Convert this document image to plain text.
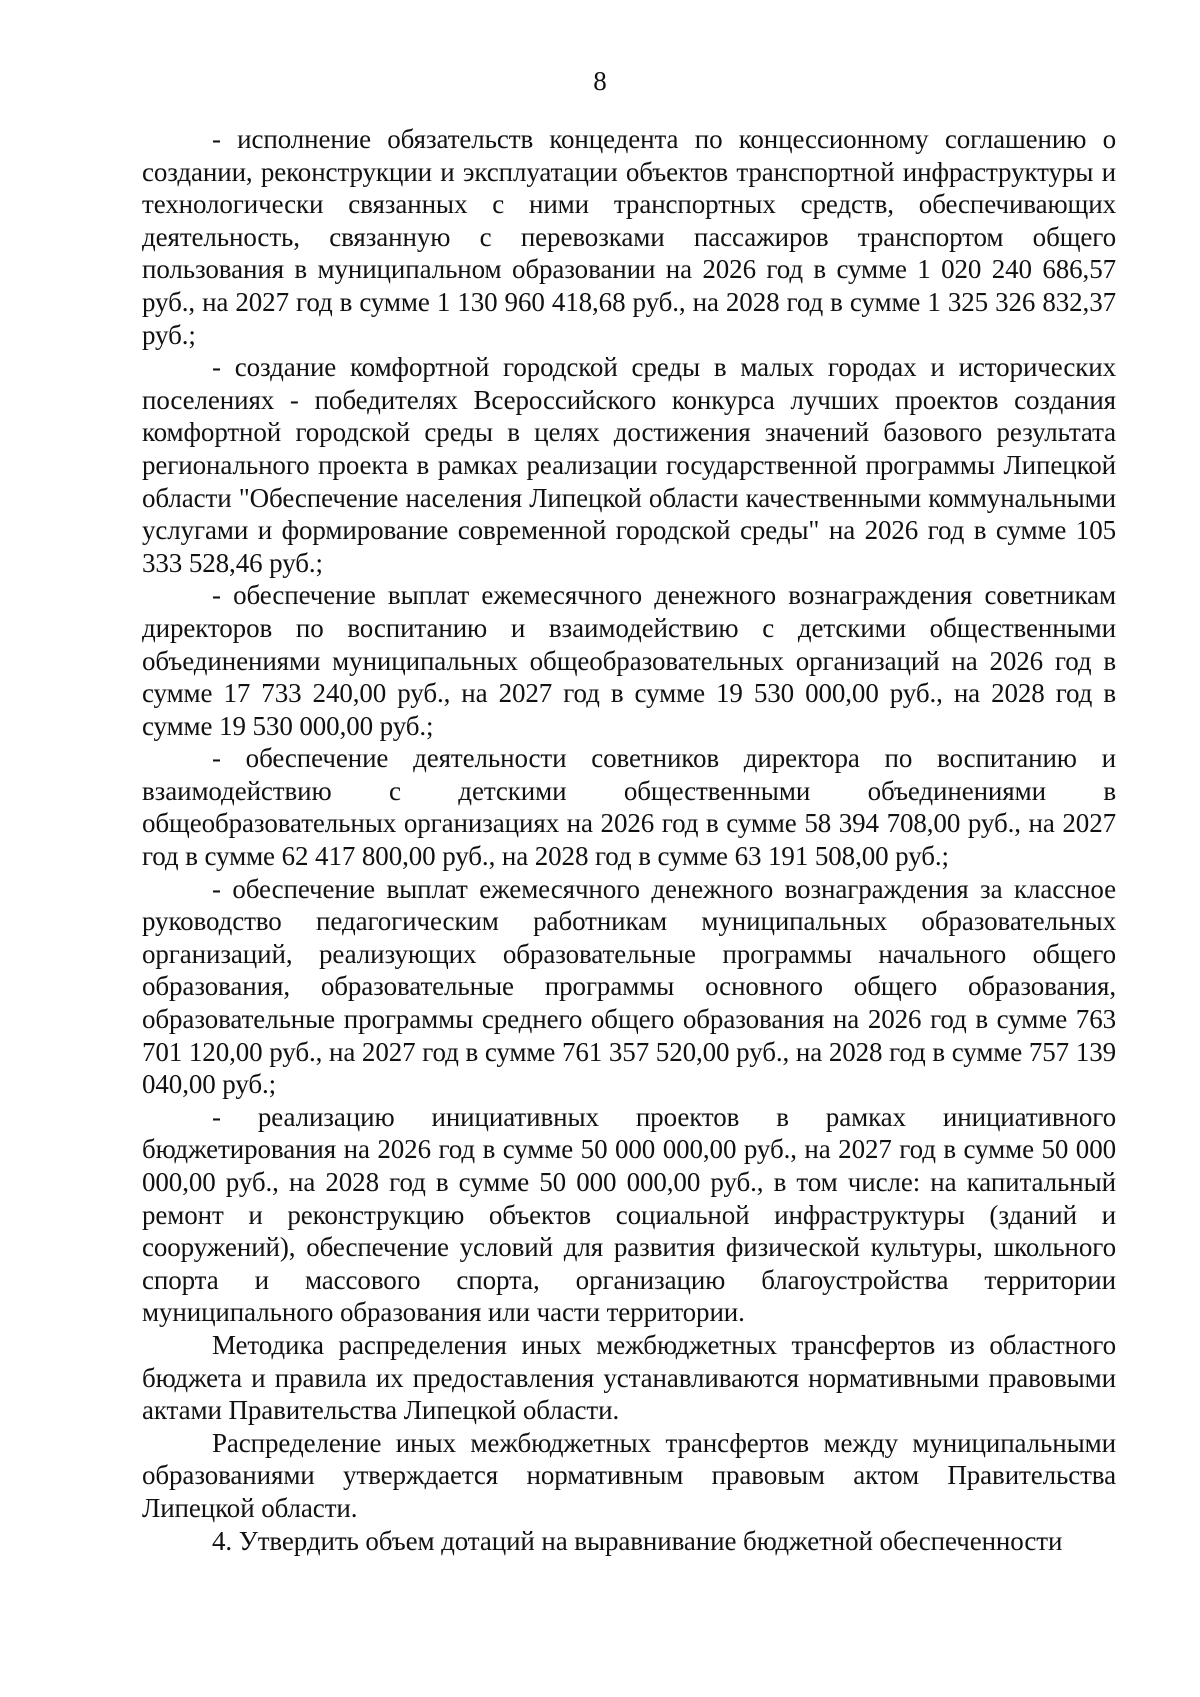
8

- исполнение обязательств концедента по концессионному соглашению о создании, реконструкции и эксплуатации объектов транспортной инфраструктуры и технологически связанных с ними транспортных средств, обеспечивающих деятельность, связанную с перевозками пассажиров транспортом общего пользования в муниципальном образовании на 2026 год в сумме 1 020 240 686,57 руб., на 2027 год в сумме 1 130 960 418,68 руб., на 2028 год в сумме 1 325 326 832,37 руб.;

- создание комфортной городской среды в малых городах и исторических поселениях - победителях Всероссийского конкурса лучших проектов создания комфортной городской среды в целях достижения значений базового результата регионального проекта в рамках реализации государственной программы Липецкой области "Обеспечение населения Липецкой области качественными коммунальными услугами и формирование современной городской среды" на 2026 год в сумме 105 333 528,46 руб.;

- обеспечение выплат ежемесячного денежного вознаграждения советникам директоров по воспитанию и взаимодействию с детскими общественными объединениями муниципальных общеобразовательных организаций на 2026 год в сумме 17 733 240,00 руб., на 2027 год в сумме 19 530 000,00 руб., на 2028 год в сумме 19 530 000,00 руб.;

- обеспечение деятельности советников директора по воспитанию и взаимодействию с детскими общественными объединениями в общеобразовательных организациях на 2026 год в сумме 58 394 708,00 руб., на 2027 год в сумме 62 417 800,00 руб., на 2028 год в сумме 63 191 508,00 руб.;

- обеспечение выплат ежемесячного денежного вознаграждения за классное руководство педагогическим работникам муниципальных образовательных организаций, реализующих образовательные программы начального общего образования, образовательные программы основного общего образования, образовательные программы среднего общего образования на 2026 год в сумме 763 701 120,00 руб., на 2027 год в сумме 761 357 520,00 руб., на 2028 год в сумме 757 139 040,00 руб.;

- реализацию инициативных проектов в рамках инициативного бюджетирования на 2026 год в сумме 50 000 000,00 руб., на 2027 год в сумме 50 000 000,00 руб., на 2028 год в сумме 50 000 000,00 руб., в том числе: на капитальный ремонт и реконструкцию объектов социальной инфраструктуры (зданий и сооружений), обеспечение условий для развития физической культуры, школьного спорта и массового спорта, организацию благоустройства территории муниципального образования или части территории.

Методика распределения иных межбюджетных трансфертов из областного бюджета и правила их предоставления устанавливаются нормативными правовыми актами Правительства Липецкой области.

Распределение иных межбюджетных трансфертов между муниципальными образованиями утверждается нормативным правовым актом Правительства Липецкой области.

4. Утвердить объем дотаций на выравнивание бюджетной обеспеченности
